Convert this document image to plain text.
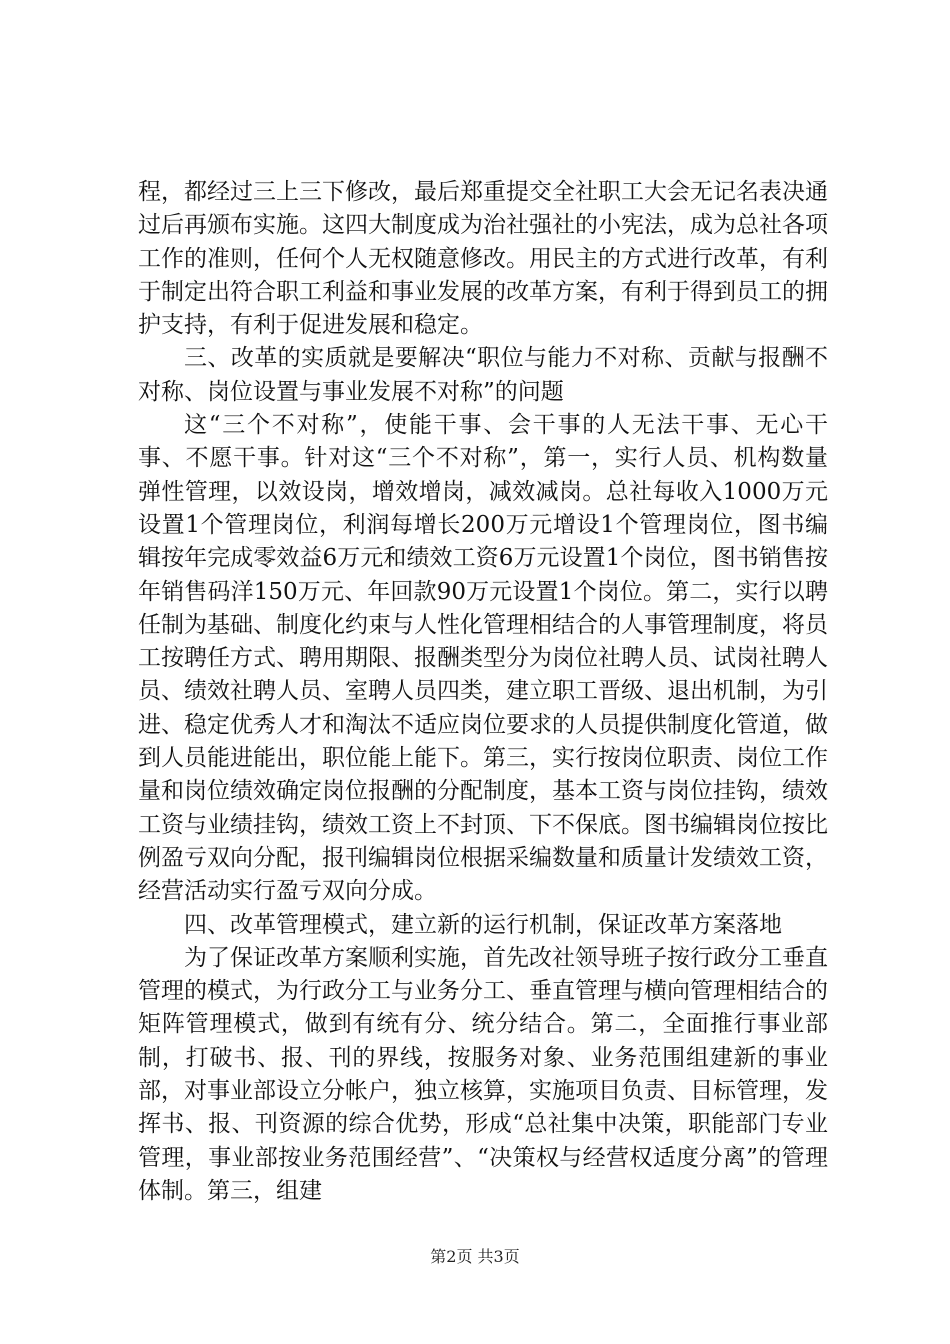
程，都经过三上三下修改，最后郑重提交全社职工大会无记名表决通过后再颁布实施。这四大制度成为治社强社的小宪法，成为总社各项工作的准则，任何个人无权随意修改。用民主的方式进行改革，有利于制定出符合职工利益和事业发展的改革方案，有利于得到员工的拥护支持，有利于促进发展和稳定。

三、改革的实质就是要解决“职位与能力不对称、贡献与报酬不对称、岗位设置与事业发展不对称”的问题

这“三个不对称”，使能干事、会干事的人无法干事、无心干事、不愿干事。针对这“三个不对称”，第一，实行人员、机构数量弹性管理，以效设岗，增效增岗，减效减岗。总社每收入1000万元设置1个管理岗位，利润每增长200万元增设1个管理岗位，图书编辑按年完成零效益6万元和绩效工资6万元设置1个岗位，图书销售按年销售码洋150万元、年回款90万元设置1个岗位。第二，实行以聘任制为基础、制度化约束与人性化管理相结合的人事管理制度，将员工按聘任方式、聘用期限、报酬类型分为岗位社聘人员、试岗社聘人员、绩效社聘人员、室聘人员四类，建立职工晋级、退出机制，为引进、稳定优秀人才和淘汰不适应岗位要求的人员提供制度化管道，做到人员能进能出，职位能上能下。第三，实行按岗位职责、岗位工作量和岗位绩效确定岗位报酬的分配制度，基本工资与岗位挂钩，绩效工资与业绩挂钩，绩效工资上不封顶、下不保底。图书编辑岗位按比例盈亏双向分配，报刊编辑岗位根据采编数量和质量计发绩效工资，经营活动实行盈亏双向分成。

四、改革管理模式，建立新的运行机制，保证改革方案落地

为了保证改革方案顺利实施，首先改社领导班子按行政分工垂直管理的模式，为行政分工与业务分工、垂直管理与横向管理相结合的矩阵管理模式，做到有统有分、统分结合。第二，全面推行事业部制，打破书、报、刊的界线，按服务对象、业务范围组建新的事业部，对事业部设立分帐户，独立核算，实施项目负责、目标管理，发挥书、报、刊资源的综合优势，形成“总社集中决策，职能部门专业管理，事业部按业务范围经营”、“决策权与经营权适度分离”的管理体制。第三，组建

第2页 共3页
